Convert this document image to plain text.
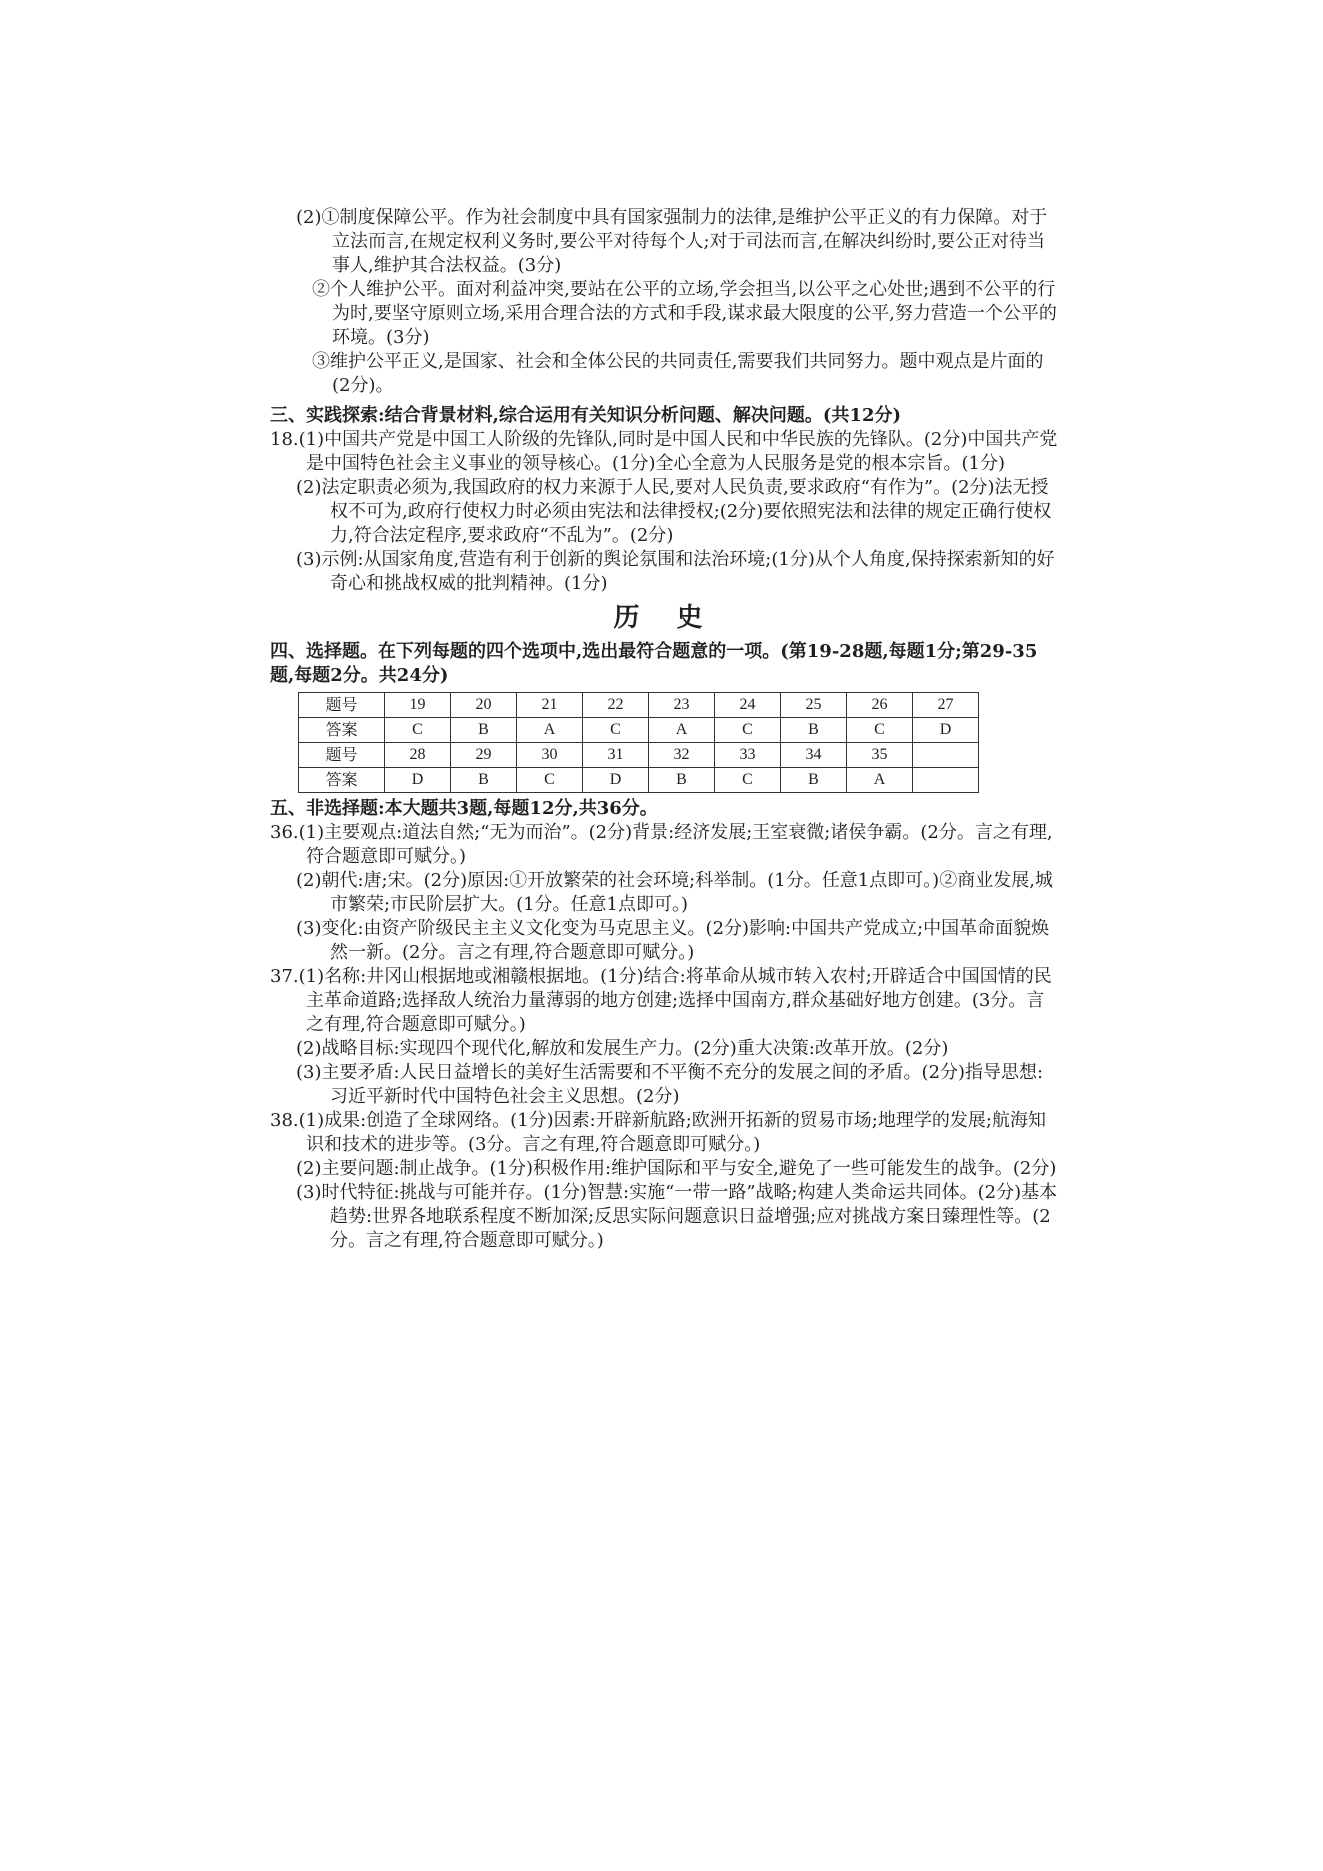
(2)①制度保障公平。作为社会制度中具有国家强制力的法律,是维护公平正义的有力保障。对于立法而言,在规定权利义务时,要公平对待每个人;对于司法而言,在解决纠纷时,要公正对待当事人,维护其合法权益。(3分)

②个人维护公平。面对利益冲突,要站在公平的立场,学会担当,以公平之心处世;遇到不公平的行为时,要坚守原则立场,采用合理合法的方式和手段,谋求最大限度的公平,努力营造一个公平的环境。(3分)

③维护公平正义,是国家、社会和全体公民的共同责任,需要我们共同努力。题中观点是片面的(2分)。

三、实践探索:结合背景材料,综合运用有关知识分析问题、解决问题。(共12分)

18.(1)中国共产党是中国工人阶级的先锋队,同时是中国人民和中华民族的先锋队。(2分)中国共产党是中国特色社会主义事业的领导核心。(1分)全心全意为人民服务是党的根本宗旨。(1分)

(2)法定职责必须为,我国政府的权力来源于人民,要对人民负责,要求政府“有作为”。(2分)法无授权不可为,政府行使权力时必须由宪法和法律授权;(2分)要依照宪法和法律的规定正确行使权力,符合法定程序,要求政府“不乱为”。(2分)

(3)示例:从国家角度,营造有利于创新的舆论氛围和法治环境;(1分)从个人角度,保持探索新知的好奇心和挑战权威的批判精神。(1分)

历 史

四、选择题。在下列每题的四个选项中,选出最符合题意的一项。(第19-28题,每题1分;第29-35题,每题2分。共24分)

题号	19	20	21	22	23	24	25	26	27
答案	C	B	A	C	A	C	B	C	D
题号	28	29	30	31	32	33	34	35	
答案	D	B	C	D	B	C	B	A	

五、非选择题:本大题共3题,每题12分,共36分。

36.(1)主要观点:道法自然;“无为而治”。(2分)背景:经济发展;王室衰微;诸侯争霸。(2分。言之有理,符合题意即可赋分。)

(2)朝代:唐;宋。(2分)原因:①开放繁荣的社会环境;科举制。(1分。任意1点即可。)②商业发展,城市繁荣;市民阶层扩大。(1分。任意1点即可。)

(3)变化:由资产阶级民主主义文化变为马克思主义。(2分)影响:中国共产党成立;中国革命面貌焕然一新。(2分。言之有理,符合题意即可赋分。)

37.(1)名称:井冈山根据地或湘赣根据地。(1分)结合:将革命从城市转入农村;开辟适合中国国情的民主革命道路;选择敌人统治力量薄弱的地方创建;选择中国南方,群众基础好地方创建。(3分。言之有理,符合题意即可赋分。)

(2)战略目标:实现四个现代化,解放和发展生产力。(2分)重大决策:改革开放。(2分)

(3)主要矛盾:人民日益增长的美好生活需要和不平衡不充分的发展之间的矛盾。(2分)指导思想:习近平新时代中国特色社会主义思想。(2分)

38.(1)成果:创造了全球网络。(1分)因素:开辟新航路;欧洲开拓新的贸易市场;地理学的发展;航海知识和技术的进步等。(3分。言之有理,符合题意即可赋分。)

(2)主要问题:制止战争。(1分)积极作用:维护国际和平与安全,避免了一些可能发生的战争。(2分)

(3)时代特征:挑战与可能并存。(1分)智慧:实施“一带一路”战略;构建人类命运共同体。(2分)基本趋势:世界各地联系程度不断加深;反思实际问题意识日益增强;应对挑战方案日臻理性等。(2分。言之有理,符合题意即可赋分。)
